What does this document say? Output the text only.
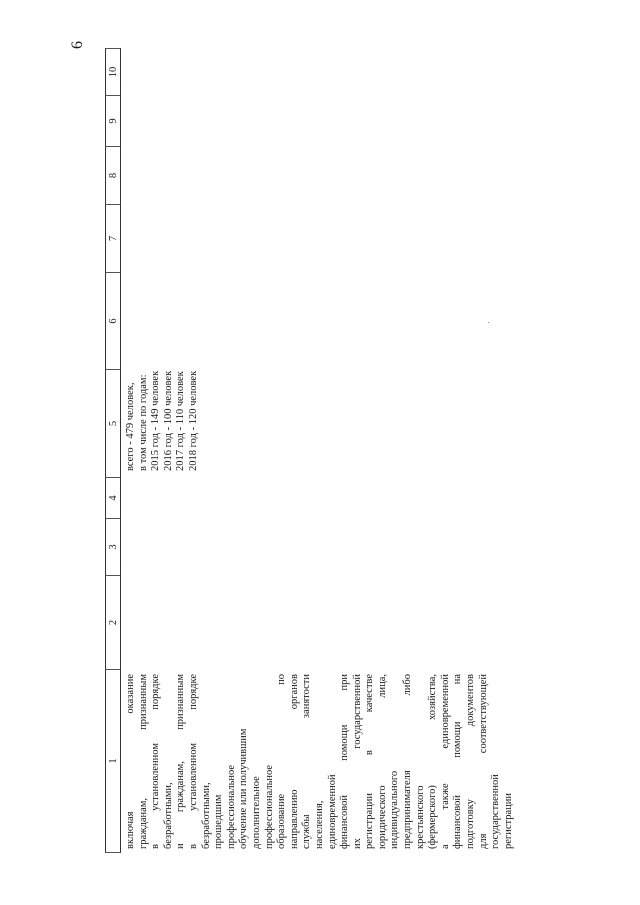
6
1
2
3
4
5
6
7
8
9
10
включая оказание гражданам, признанным в установленном порядке безработными, и гражданам, признанным в установленном порядке безработными, прошедшим профессиональное обучение или получившим дополнительное профессиональное образование по направлению органов службы занятости населения, единовременной финансовой помощи при их государственной регистрации в качестве юридического лица, индивидуального предпринимателя либо крестьянского (фермерского) хозяйства, а также единовременной финансовой помощи на подготовку документов для соответствующей государственной регистрации
всего - 479 человек, в том числе по годам: 2015 год - 149 человек 2016 год - 100 человек 2017 год - 110 человек 2018 год - 120 человек
